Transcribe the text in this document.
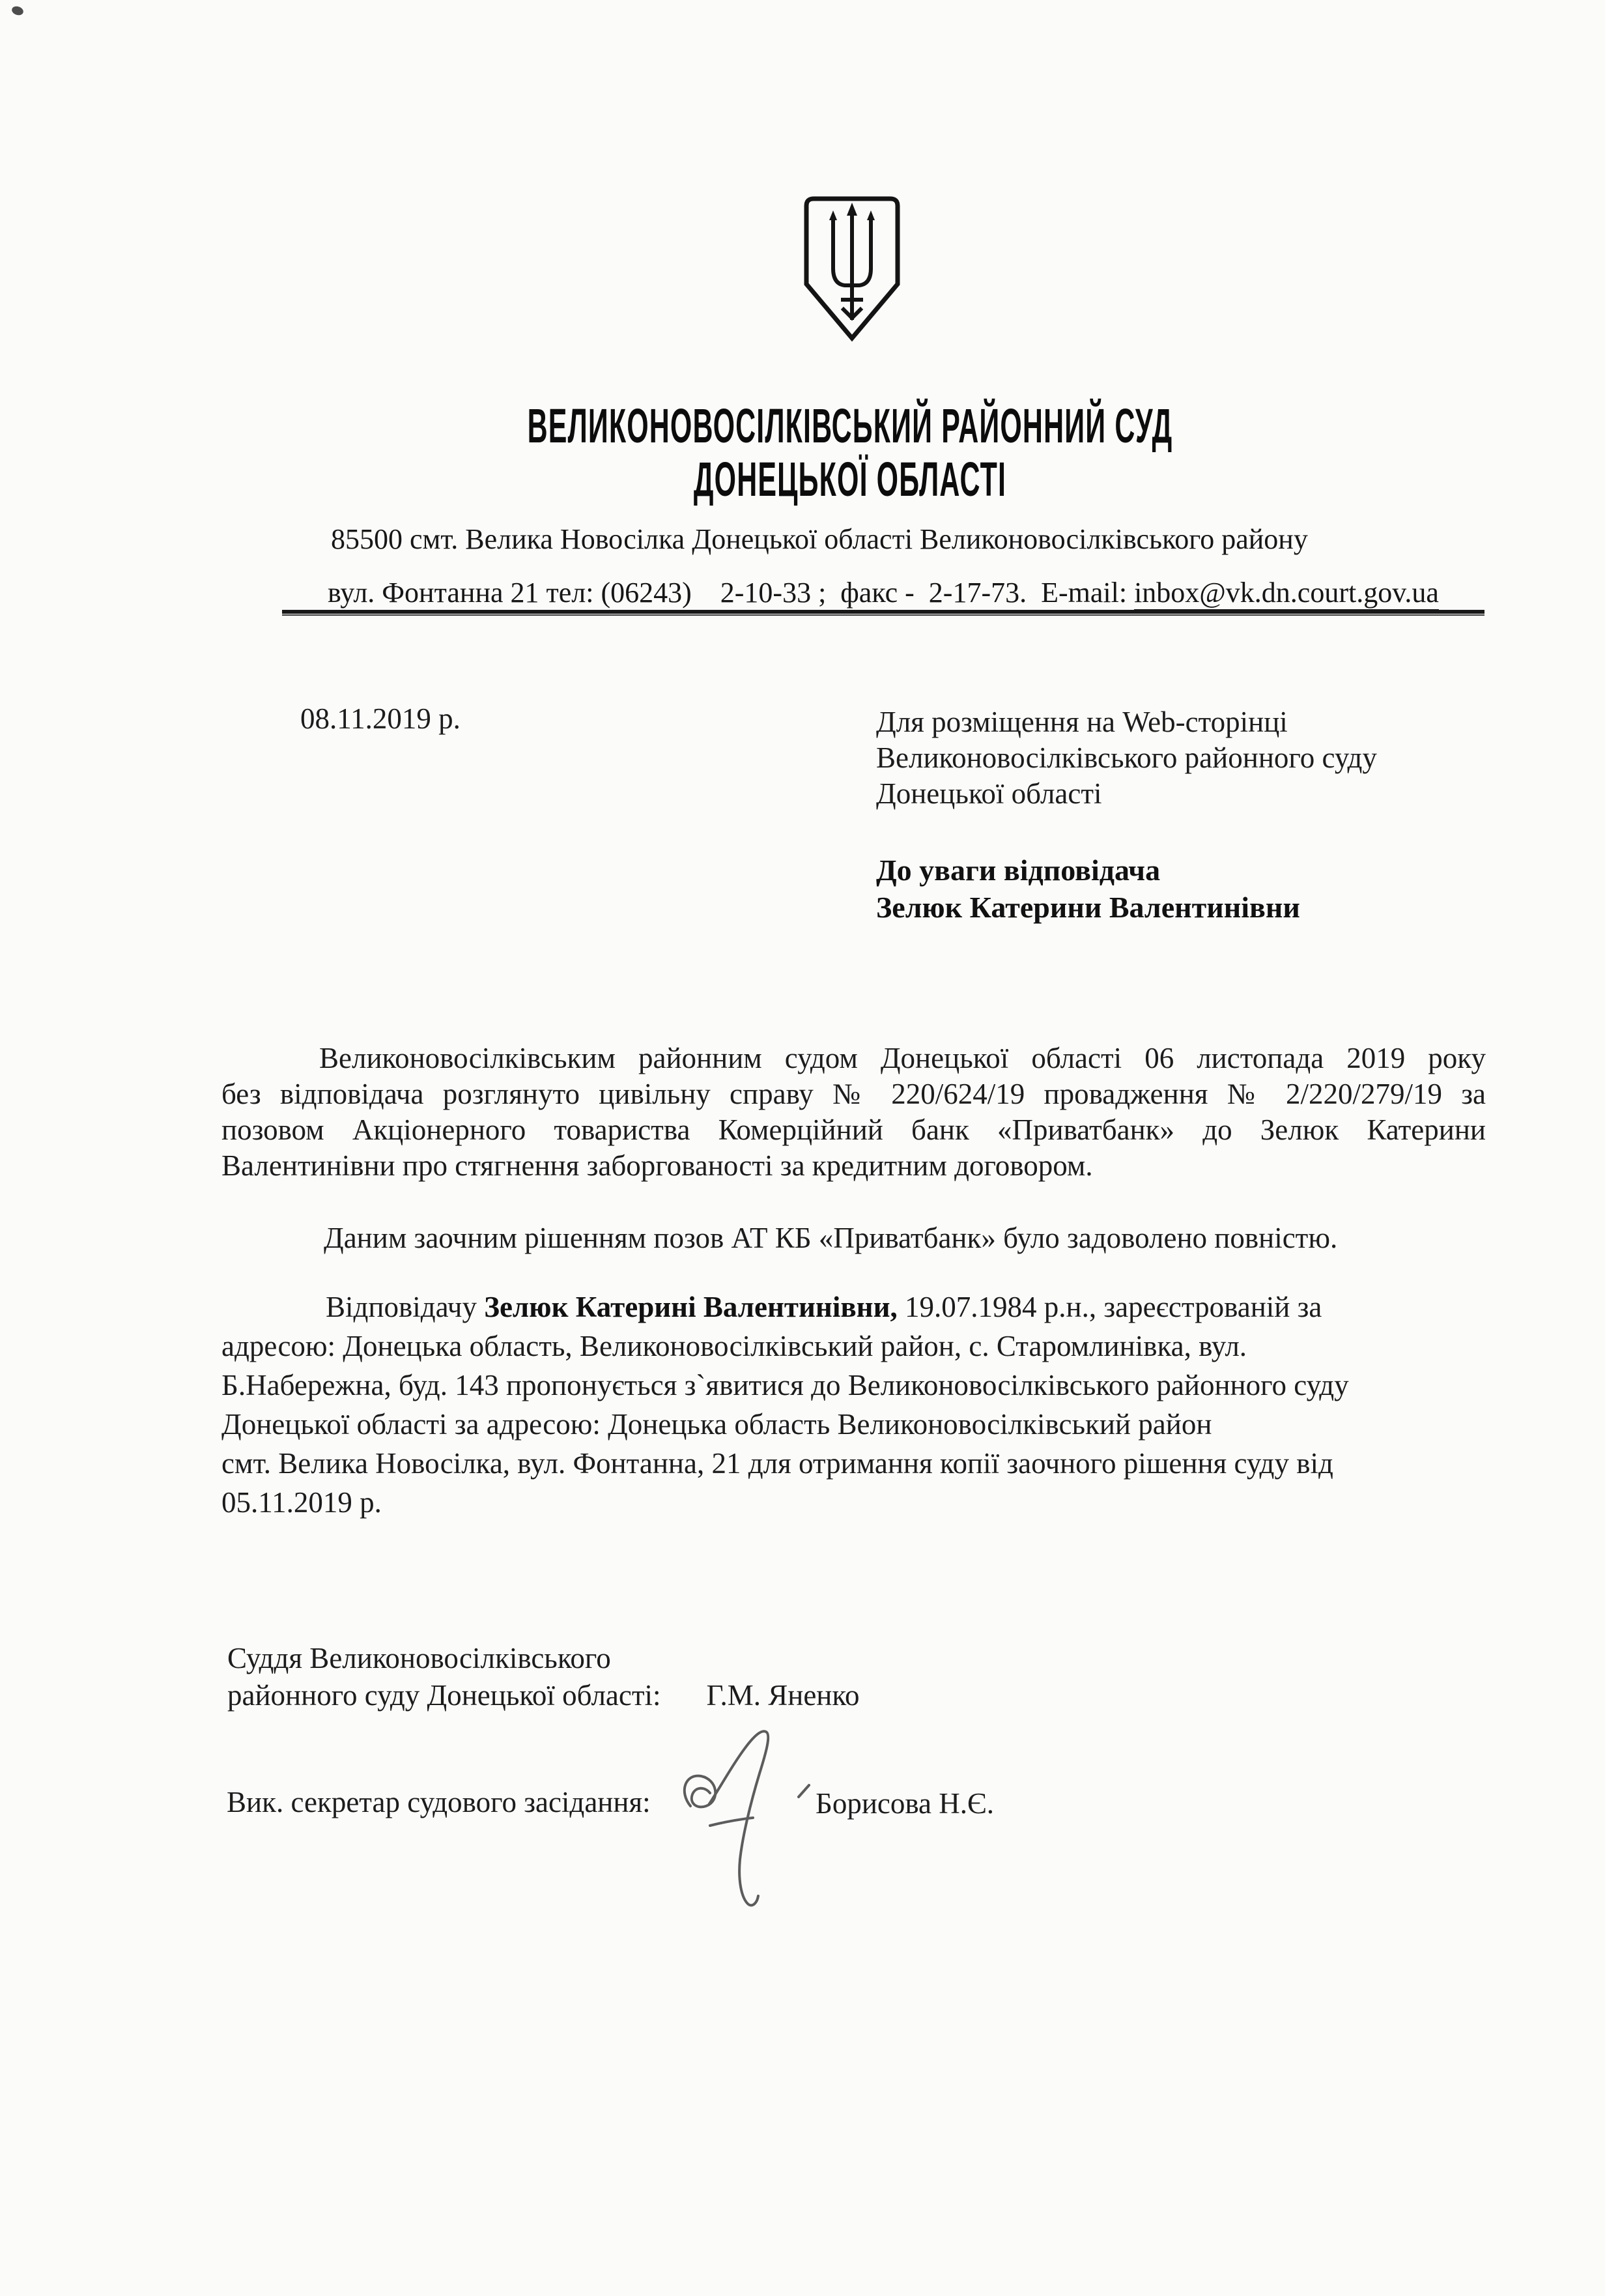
ВЕЛИКОНОВОСІЛКІВСЬКИЙ РАЙОННИЙ СУД
ДОНЕЦЬКОЇ ОБЛАСТІ
85500 смт. Велика Новосілка Донецької області Великоновосілківського району
вул. Фонтанна 21 тел: (06243)    2-10-33 ;  факс -  2-17-73.  E-mail: inbox@vk.dn.court.gov.ua
08.11.2019 р.	Для розміщення на Web-сторінці
Великоновосілківського районного суду
Донецької області
До уваги відповідача
Зелюк Катерини Валентинівни
Великоновосілківським районним судом Донецької області 06 листопада 2019 року
без відповідача розглянуто цивільну справу № 220/624/19 провадження № 2/220/279/19 за
позовом Акціонерного товариства Комерційний банк «Приватбанк» до Зелюк Катерини
Валентинівни про стягнення заборгованості за кредитним договором.
Даним заочним рішенням позов АТ КБ «Приватбанк» було задоволено повністю.
Відповідачу Зелюк Катерині Валентинівни, 19.07.1984 р.н., зареєстрованій за
адресою: Донецька область, Великоновосілківський район, с. Старомлинівка, вул.
Б.Набережна, буд. 143 пропонується з`явитися до Великоновосілківського районного суду
Донецької області за адресою: Донецька область Великоновосілківський район
смт. Велика Новосілка, вул. Фонтанна, 21 для отримання копії заочного рішення суду від
05.11.2019 р.
Суддя Великоновосілківського
районного суду Донецької області: Г.М. Яненко
Вик. секретар судового засідання:	Борисова Н.Є.
